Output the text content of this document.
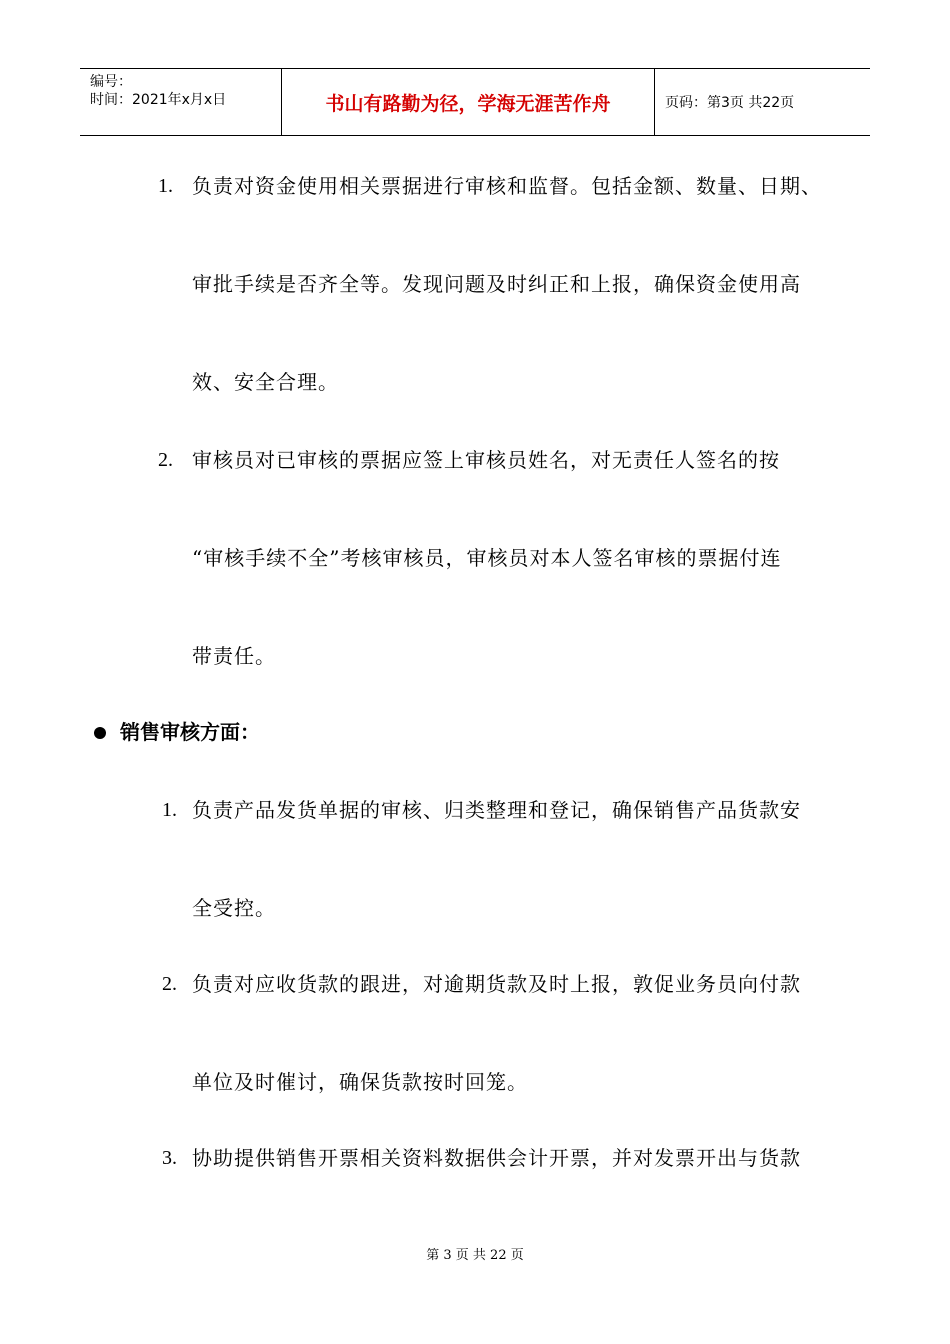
编号：
时间：2021年x月x日	书山有路勤为径，学海无涯苦作舟	页码：第3页 共22页
1. 负责对资金使用相关票据进行审核和监督。包括金额、数量、日期、
审批手续是否齐全等。发现问题及时纠正和上报，确保资金使用高
效、安全合理。
2. 审核员对已审核的票据应签上审核员姓名，对无责任人签名的按
“审核手续不全”考核审核员，审核员对本人签名审核的票据付连
带责任。
销售审核方面：
1. 负责产品发货单据的审核、归类整理和登记，确保销售产品货款安
全受控。
2. 负责对应收货款的跟进，对逾期货款及时上报，敦促业务员向付款
单位及时催讨，确保货款按时回笼。
3. 协助提供销售开票相关资料数据供会计开票，并对发票开出与货款
第 3 页 共 22 页
